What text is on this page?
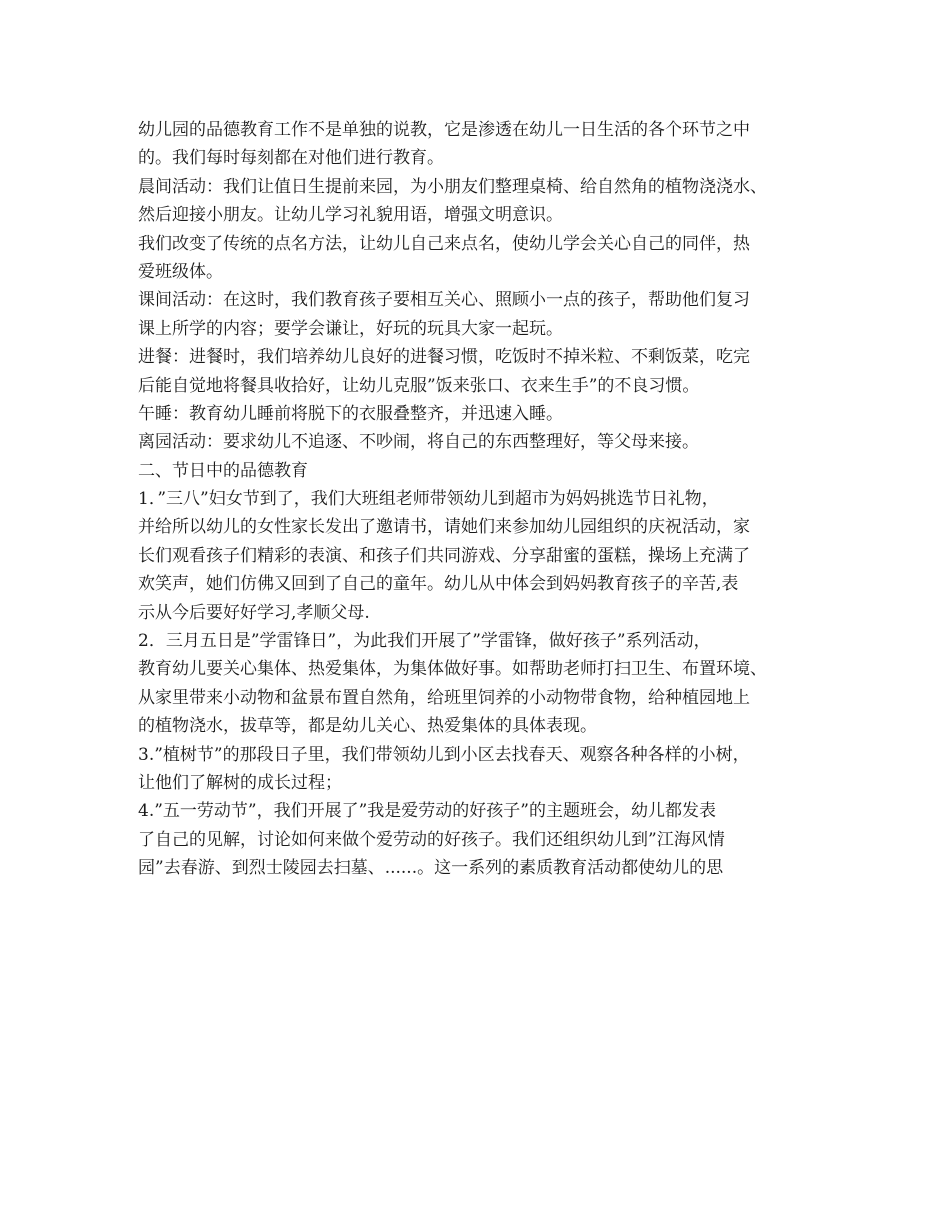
幼儿园的品德教育工作不是单独的说教，它是渗透在幼儿一日生活的各个环节之中
的。我们每时每刻都在对他们进行教育。
晨间活动：我们让值日生提前来园，为小朋友们整理桌椅、给自然角的植物浇浇水、
然后迎接小朋友。让幼儿学习礼貌用语，增强文明意识。
我们改变了传统的点名方法，让幼儿自己来点名，使幼儿学会关心自己的同伴，热
爱班级体。
课间活动：在这时，我们教育孩子要相互关心、照顾小一点的孩子，帮助他们复习
课上所学的内容；要学会谦让，好玩的玩具大家一起玩。
进餐：进餐时，我们培养幼儿良好的进餐习惯，吃饭时不掉米粒、不剩饭菜，吃完
后能自觉地将餐具收拾好，让幼儿克服”饭来张口、衣来生手”的不良习惯。
午睡：教育幼儿睡前将脱下的衣服叠整齐，并迅速入睡。
离园活动：要求幼儿不追逐、不吵闹，将自己的东西整理好，等父母来接。
二、节日中的品德教育
1．”三八”妇女节到了，我们大班组老师带领幼儿到超市为妈妈挑选节日礼物，
并给所以幼儿的女性家长发出了邀请书，请她们来参加幼儿园组织的庆祝活动，家
长们观看孩子们精彩的表演、和孩子们共同游戏、分享甜蜜的蛋糕，操场上充满了
欢笑声，她们仿佛又回到了自己的童年。幼儿从中体会到妈妈教育孩子的辛苦,表
示从今后要好好学习,孝顺父母.
2．三月五日是”学雷锋日”，为此我们开展了”学雷锋，做好孩子”系列活动，
教育幼儿要关心集体、热爱集体，为集体做好事。如帮助老师打扫卫生、布置环境、
从家里带来小动物和盆景布置自然角，给班里饲养的小动物带食物，给种植园地上
的植物浇水，拔草等，都是幼儿关心、热爱集体的具体表现。
3.”植树节”的那段日子里，我们带领幼儿到小区去找春天、观察各种各样的小树，
让他们了解树的成长过程；
4.”五一劳动节”，我们开展了”我是爱劳动的好孩子”的主题班会，幼儿都发表
了自己的见解，讨论如何来做个爱劳动的好孩子。我们还组织幼儿到”江海风情
园”去春游、到烈士陵园去扫墓、......。这一系列的素质教育活动都使幼儿的思
